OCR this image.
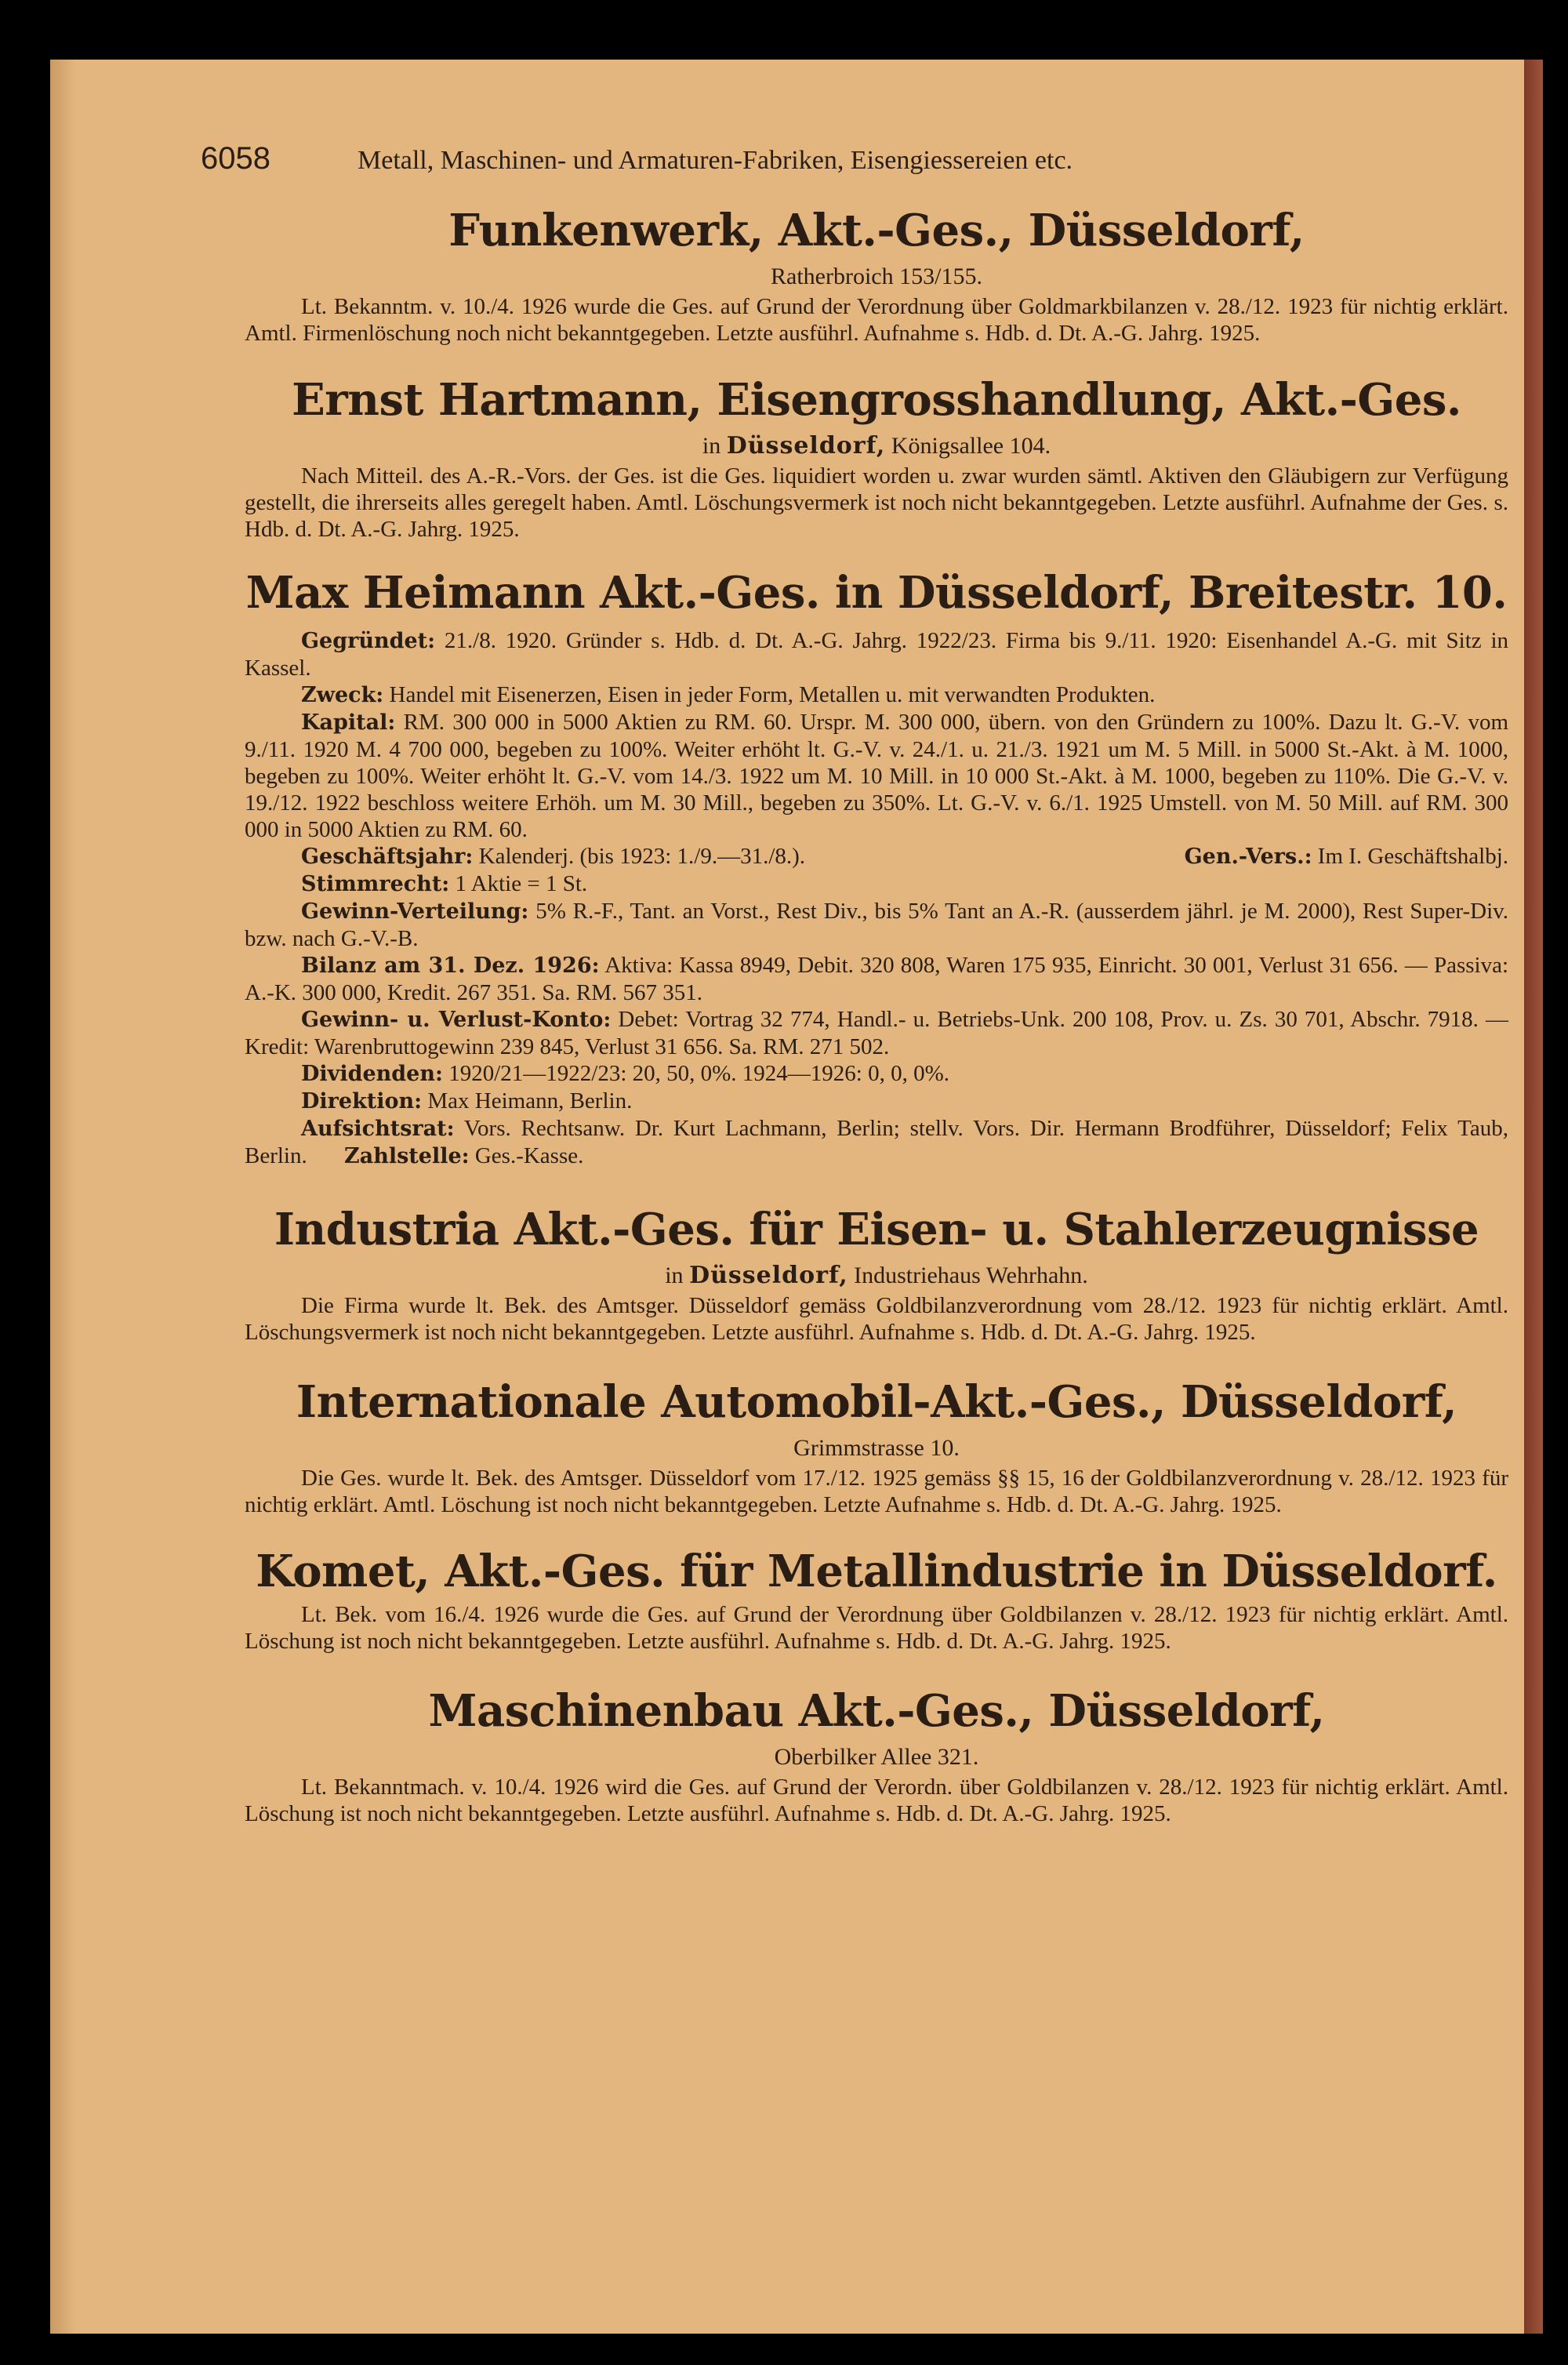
6058	Metall, Maschinen- und Armaturen-Fabriken, Eisengiessereien etc.
Funkenwerk, Akt.-Ges., Düsseldorf,
Ratherbroich 153/155.

Lt. Bekanntm. v. 10./4. 1926 wurde die Ges. auf Grund der Verordnung über Goldmarkbilanzen v. 28./12. 1923 für nichtig erklärt. Amtl. Firmenlöschung noch nicht bekanntgegeben. Letzte ausführl. Aufnahme s. Hdb. d. Dt. A.-G. Jahrg. 1925.

Ernst Hartmann, Eisengrosshandlung, Akt.-Ges.
in Düsseldorf, Königsallee 104.

Nach Mitteil. des A.-R.-Vors. der Ges. ist die Ges. liquidiert worden u. zwar wurden sämtl. Aktiven den Gläubigern zur Verfügung gestellt, die ihrerseits alles geregelt haben. Amtl. Löschungsvermerk ist noch nicht bekanntgegeben. Letzte ausführl. Aufnahme der Ges. s. Hdb. d. Dt. A.-G. Jahrg. 1925.

Max Heimann Akt.-Ges. in Düsseldorf, Breitestr. 10.

Gegründet: 21./8. 1920. Gründer s. Hdb. d. Dt. A.-G. Jahrg. 1922/23. Firma bis 9./11. 1920: Eisenhandel A.-G. mit Sitz in Kassel.

Zweck: Handel mit Eisenerzen, Eisen in jeder Form, Metallen u. mit verwandten Produkten.

Kapital: RM. 300 000 in 5000 Aktien zu RM. 60. Urspr. M. 300 000, übern. von den Gründern zu 100%. Dazu lt. G.-V. vom 9./11. 1920 M. 4 700 000, begeben zu 100%. Weiter erhöht lt. G.-V. v. 24./1. u. 21./3. 1921 um M. 5 Mill. in 5000 St.-Akt. à M. 1000, begeben zu 100%. Weiter erhöht lt. G.-V. vom 14./3. 1922 um M. 10 Mill. in 10 000 St.-Akt. à M. 1000, begeben zu 110%. Die G.-V. v. 19./12. 1922 beschloss weitere Erhöh. um M. 30 Mill., begeben zu 350%. Lt. G.-V. v. 6./1. 1925 Umstell. von M. 50 Mill. auf RM. 300 000 in 5000 Aktien zu RM. 60.

Geschäftsjahr: Kalenderj. (bis 1923: 1./9.—31./8.).	Gen.-Vers.: Im I. Geschäftshalbj.

Stimmrecht: 1 Aktie = 1 St.

Gewinn-Verteilung: 5% R.-F., Tant. an Vorst., Rest Div., bis 5% Tant an A.-R. (ausserdem jährl. je M. 2000), Rest Super-Div. bzw. nach G.-V.-B.

Bilanz am 31. Dez. 1926: Aktiva: Kassa 8949, Debit. 320 808, Waren 175 935, Einricht. 30 001, Verlust 31 656. — Passiva: A.-K. 300 000, Kredit. 267 351. Sa. RM. 567 351.

Gewinn- u. Verlust-Konto: Debet: Vortrag 32 774, Handl.- u. Betriebs-Unk. 200 108, Prov. u. Zs. 30 701, Abschr. 7918. — Kredit: Warenbruttogewinn 239 845, Verlust 31 656. Sa. RM. 271 502.

Dividenden: 1920/21—1922/23: 20, 50, 0%. 1924—1926: 0, 0, 0%.

Direktion: Max Heimann, Berlin.

Aufsichtsrat: Vors. Rechtsanw. Dr. Kurt Lachmann, Berlin; stellv. Vors. Dir. Hermann Brodführer, Düsseldorf; Felix Taub, Berlin. Zahlstelle: Ges.-Kasse.

Industria Akt.-Ges. für Eisen- u. Stahlerzeugnisse
in Düsseldorf, Industriehaus Wehrhahn.

Die Firma wurde lt. Bek. des Amtsger. Düsseldorf gemäss Goldbilanzverordnung vom 28./12. 1923 für nichtig erklärt. Amtl. Löschungsvermerk ist noch nicht bekanntgegeben. Letzte ausführl. Aufnahme s. Hdb. d. Dt. A.-G. Jahrg. 1925.

Internationale Automobil-Akt.-Ges., Düsseldorf,
Grimmstrasse 10.

Die Ges. wurde lt. Bek. des Amtsger. Düsseldorf vom 17./12. 1925 gemäss §§ 15, 16 der Goldbilanzverordnung v. 28./12. 1923 für nichtig erklärt. Amtl. Löschung ist noch nicht bekanntgegeben. Letzte Aufnahme s. Hdb. d. Dt. A.-G. Jahrg. 1925.

Komet, Akt.-Ges. für Metallindustrie in Düsseldorf.

Lt. Bek. vom 16./4. 1926 wurde die Ges. auf Grund der Verordnung über Goldbilanzen v. 28./12. 1923 für nichtig erklärt. Amtl. Löschung ist noch nicht bekanntgegeben. Letzte ausführl. Aufnahme s. Hdb. d. Dt. A.-G. Jahrg. 1925.

Maschinenbau Akt.-Ges., Düsseldorf,
Oberbilker Allee 321.

Lt. Bekanntmach. v. 10./4. 1926 wird die Ges. auf Grund der Verordn. über Goldbilanzen v. 28./12. 1923 für nichtig erklärt. Amtl. Löschung ist noch nicht bekanntgegeben. Letzte ausführl. Aufnahme s. Hdb. d. Dt. A.-G. Jahrg. 1925.
